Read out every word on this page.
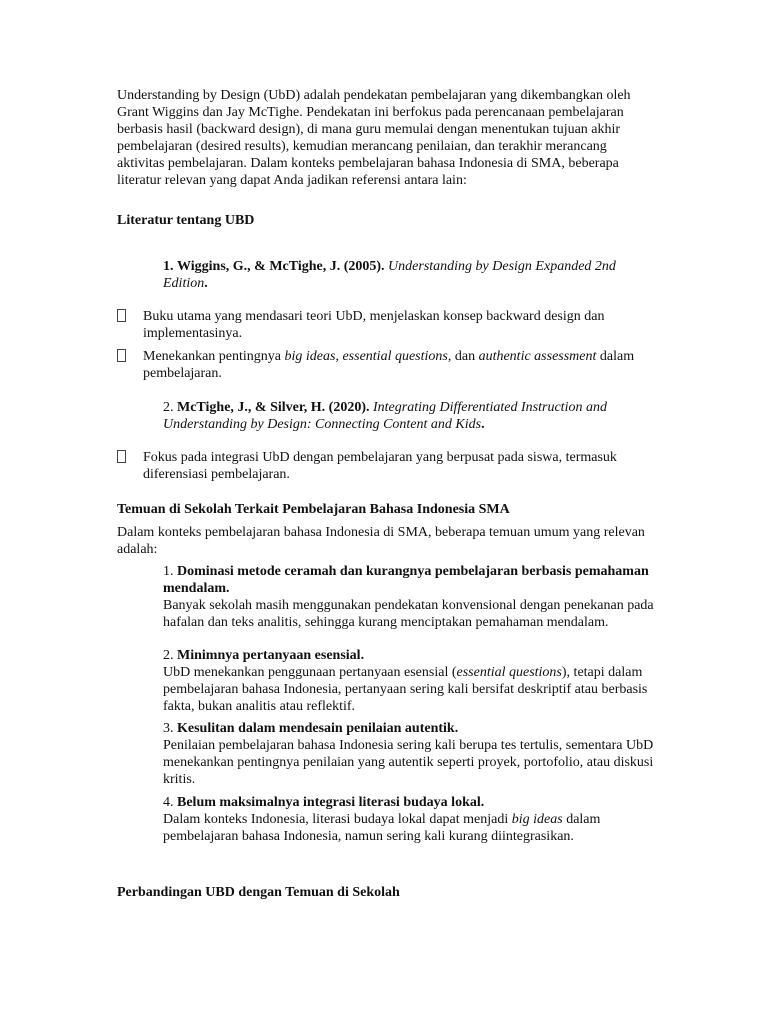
Understanding by Design (UbD) adalah pendekatan pembelajaran yang dikembangkan oleh Grant Wiggins dan Jay McTighe. Pendekatan ini berfokus pada perencanaan pembelajaran berbasis hasil (backward design), di mana guru memulai dengan menentukan tujuan akhir pembelajaran (desired results), kemudian merancang penilaian, dan terakhir merancang aktivitas pembelajaran. Dalam konteks pembelajaran bahasa Indonesia di SMA, beberapa literatur relevan yang dapat Anda jadikan referensi antara lain:

Literatur tentang UBD
1. Wiggins, G., & McTighe, J. (2005). Understanding by Design Expanded 2nd Edition.
Buku utama yang mendasari teori UbD, menjelaskan konsep backward design dan implementasinya.
Menekankan pentingnya big ideas, essential questions, dan authentic assessment dalam pembelajaran.
2. McTighe, J., & Silver, H. (2020). Integrating Differentiated Instruction and Understanding by Design: Connecting Content and Kids.
Fokus pada integrasi UbD dengan pembelajaran yang berpusat pada siswa, termasuk diferensiasi pembelajaran.
Temuan di Sekolah Terkait Pembelajaran Bahasa Indonesia SMA

Dalam konteks pembelajaran bahasa Indonesia di SMA, beberapa temuan umum yang relevan adalah:

1. Dominasi metode ceramah dan kurangnya pembelajaran berbasis pemahaman mendalam.
Banyak sekolah masih menggunakan pendekatan konvensional dengan penekanan pada hafalan dan teks analitis, sehingga kurang menciptakan pemahaman mendalam.
2. Minimnya pertanyaan esensial.
UbD menekankan penggunaan pertanyaan esensial (essential questions), tetapi dalam pembelajaran bahasa Indonesia, pertanyaan sering kali bersifat deskriptif atau berbasis fakta, bukan analitis atau reflektif.
3. Kesulitan dalam mendesain penilaian autentik.
Penilaian pembelajaran bahasa Indonesia sering kali berupa tes tertulis, sementara UbD menekankan pentingnya penilaian yang autentik seperti proyek, portofolio, atau diskusi kritis.
4. Belum maksimalnya integrasi literasi budaya lokal.
Dalam konteks Indonesia, literasi budaya lokal dapat menjadi big ideas dalam pembelajaran bahasa Indonesia, namun sering kali kurang diintegrasikan.
Perbandingan UBD dengan Temuan di Sekolah
